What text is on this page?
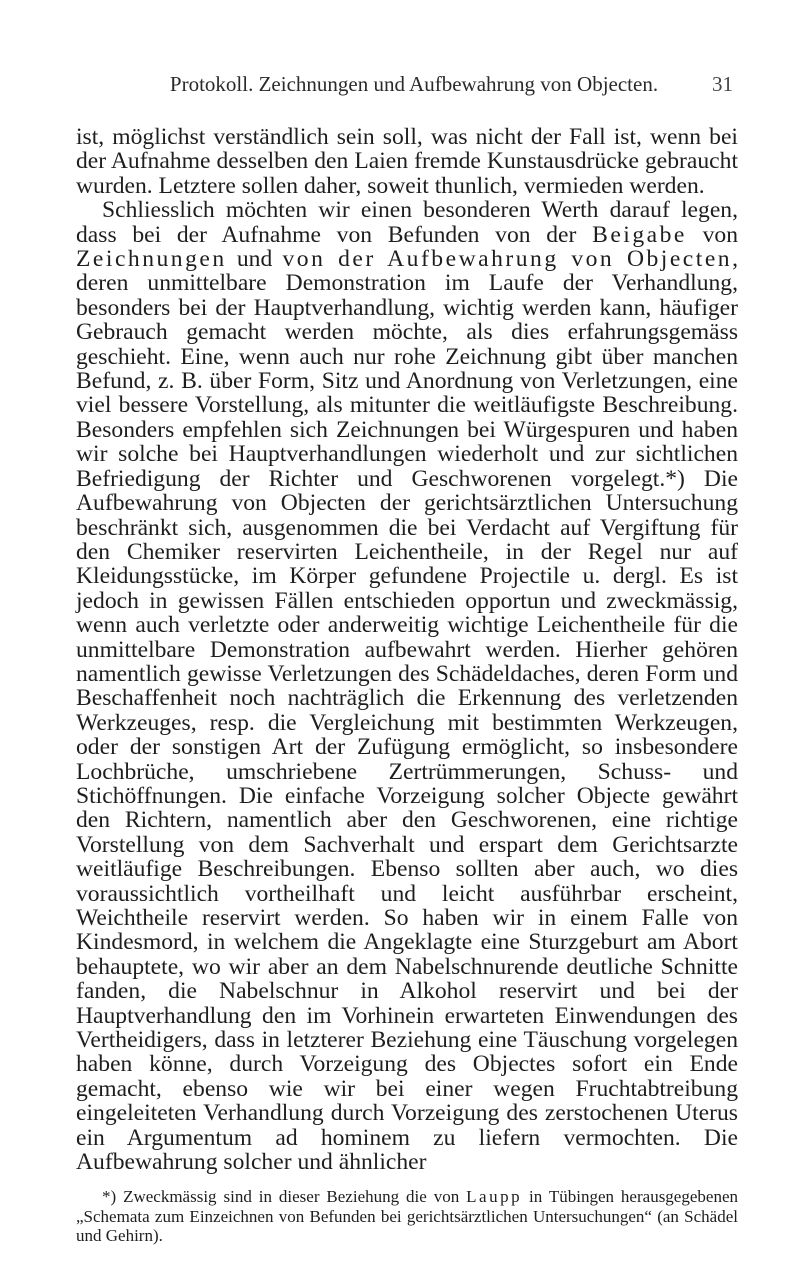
Protokoll. Zeichnungen und Aufbewahrung von Objecten.	31

ist, möglichst verständlich sein soll, was nicht der Fall ist, wenn bei der Aufnahme desselben den Laien fremde Kunstausdrücke gebraucht wurden. Letztere sollen daher, soweit thunlich, vermieden werden.

Schliesslich möchten wir einen besonderen Werth darauf legen, dass bei der Aufnahme von Befunden von der Beigabe von Zeichnungen und von der Aufbewahrung von Objecten, deren unmittelbare Demonstration im Laufe der Verhandlung, besonders bei der Hauptverhandlung, wichtig werden kann, häufiger Gebrauch gemacht werden möchte, als dies erfahrungsgemäss geschieht. Eine, wenn auch nur rohe Zeichnung gibt über manchen Befund, z. B. über Form, Sitz und Anordnung von Verletzungen, eine viel bessere Vorstellung, als mitunter die weitläufigste Beschreibung. Besonders empfehlen sich Zeichnungen bei Würgespuren und haben wir solche bei Hauptverhandlungen wiederholt und zur sichtlichen Befriedigung der Richter und Geschworenen vorgelegt.*) Die Aufbewahrung von Objecten der gerichtsärztlichen Untersuchung beschränkt sich, ausgenommen die bei Verdacht auf Vergiftung für den Chemiker reservirten Leichentheile, in der Regel nur auf Kleidungsstücke, im Körper gefundene Projectile u. dergl. Es ist jedoch in gewissen Fällen entschieden opportun und zweckmässig, wenn auch verletzte oder anderweitig wichtige Leichentheile für die unmittelbare Demonstration aufbewahrt werden. Hierher gehören namentlich gewisse Verletzungen des Schädeldaches, deren Form und Beschaffenheit noch nachträglich die Erkennung des verletzenden Werkzeuges, resp. die Vergleichung mit bestimmten Werkzeugen, oder der sonstigen Art der Zufügung ermöglicht, so insbesondere Lochbrüche, umschriebene Zertrümmerungen, Schuss- und Stichöffnungen. Die einfache Vorzeigung solcher Objecte gewährt den Richtern, namentlich aber den Geschworenen, eine richtige Vorstellung von dem Sachverhalt und erspart dem Gerichtsarzte weitläufige Beschreibungen. Ebenso sollten aber auch, wo dies voraussichtlich vortheilhaft und leicht ausführbar erscheint, Weichtheile reservirt werden. So haben wir in einem Falle von Kindesmord, in welchem die Angeklagte eine Sturzgeburt am Abort behauptete, wo wir aber an dem Nabelschnurende deutliche Schnitte fanden, die Nabelschnur in Alkohol reservirt und bei der Hauptverhandlung den im Vorhinein erwarteten Einwendungen des Vertheidigers, dass in letzterer Beziehung eine Täuschung vorgelegen haben könne, durch Vorzeigung des Objectes sofort ein Ende gemacht, ebenso wie wir bei einer wegen Fruchtabtreibung eingeleiteten Verhandlung durch Vorzeigung des zerstochenen Uterus ein Argumentum ad hominem zu liefern vermochten. Die Aufbewahrung solcher und ähnlicher

*) Zweckmässig sind in dieser Beziehung die von Laupp in Tübingen herausgegebenen „Schemata zum Einzeichnen von Befunden bei gerichtsärztlichen Untersuchungen“ (an Schädel und Gehirn).
